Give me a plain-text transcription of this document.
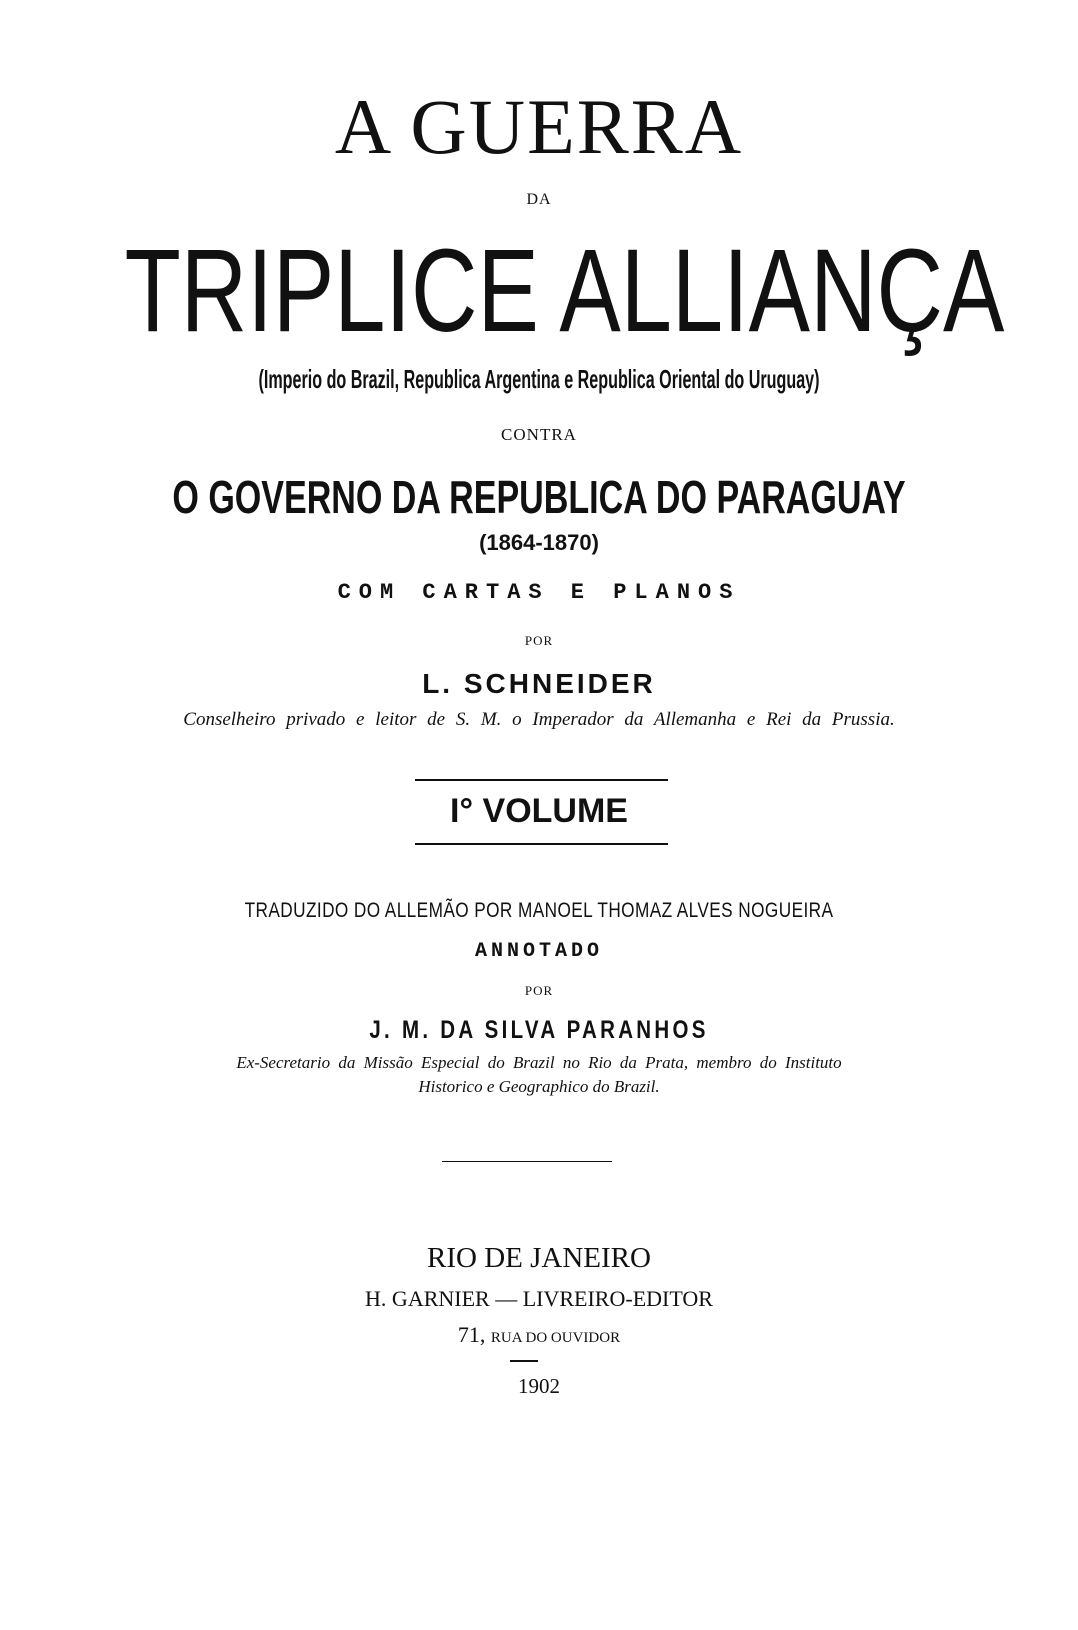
A GUERRA
DA
TRIPLICE ALLIANÇA
(Imperio do Brazil, Republica Argentina e Republica Oriental do Uruguay)
CONTRA
O GOVERNO DA REPUBLICA DO PARAGUAY
(1864-1870)
COM CARTAS E PLANOS
POR
L. SCHNEIDER
Conselheiro privado e leitor de S. M. o Imperador da Allemanha e Rei da Prussia.
I° VOLUME
TRADUZIDO DO ALLEMÃO POR MANOEL THOMAZ ALVES NOGUEIRA
ANNOTADO
POR
J. M. DA SILVA PARANHOS
Ex-Secretario da Missão Especial do Brazil no Rio da Prata, membro do Instituto
Historico e Geographico do Brazil.
RIO DE JANEIRO
H. GARNIER — LIVREIRO-EDITOR
71, RUA DO OUVIDOR
1902
